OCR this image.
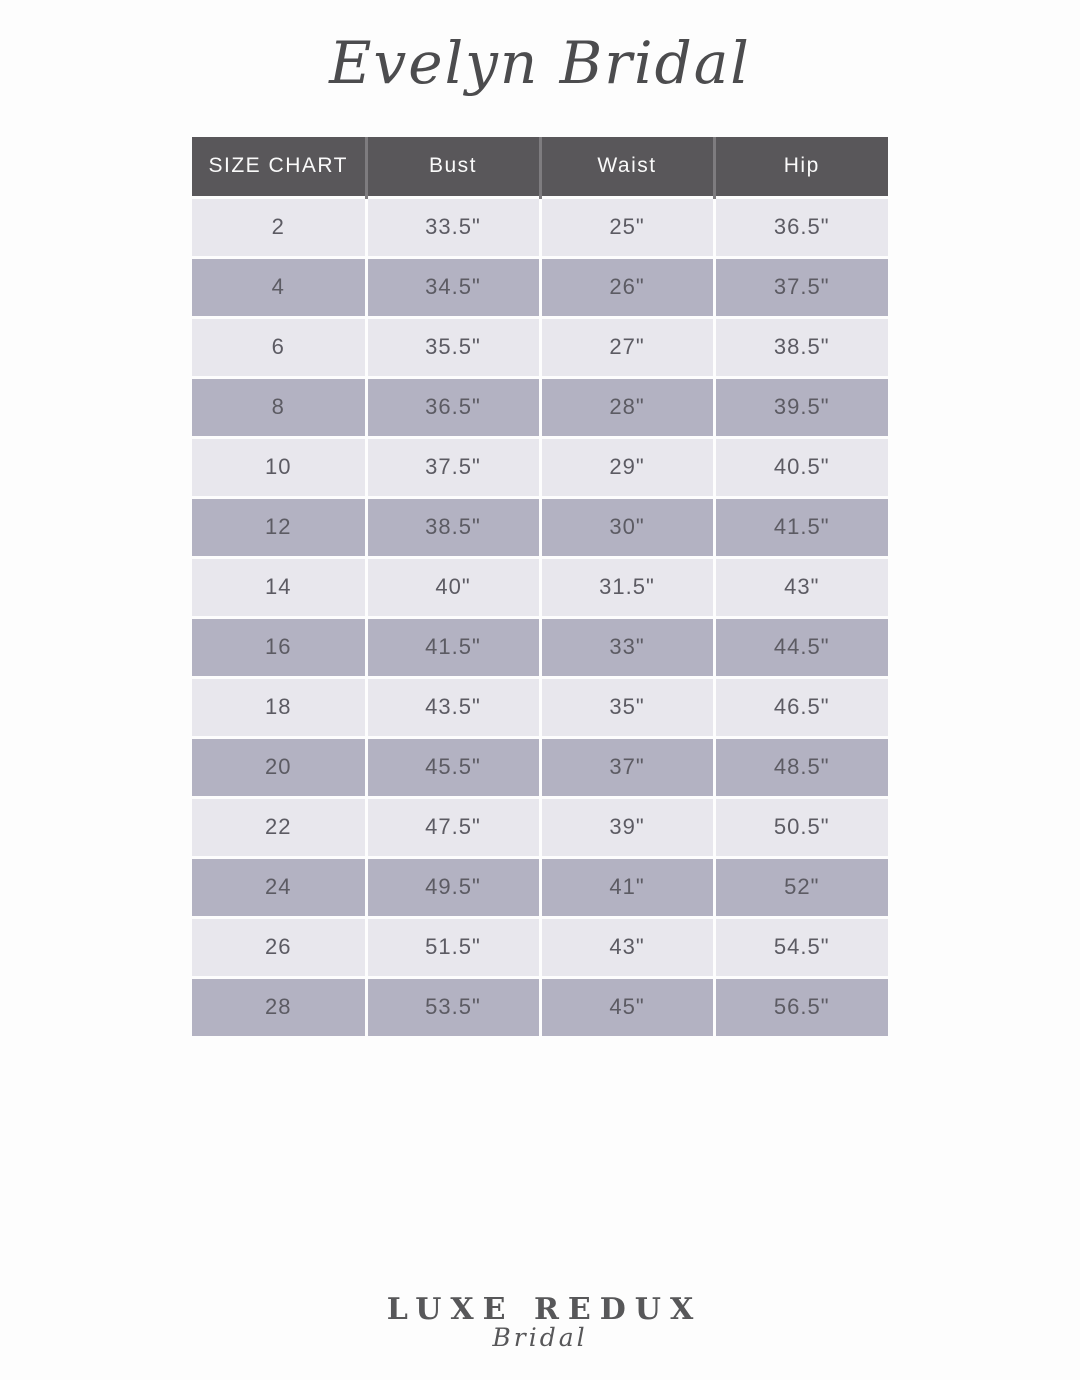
Evelyn Bridal
SIZE CHART	Bust	Waist	Hip
2	33.5"	25"	36.5"
4	34.5"	26"	37.5"
6	35.5"	27"	38.5"
8	36.5"	28"	39.5"
10	37.5"	29"	40.5"
12	38.5"	30"	41.5"
14	40"	31.5"	43"
16	41.5"	33"	44.5"
18	43.5"	35"	46.5"
20	45.5"	37"	48.5"
22	47.5"	39"	50.5"
24	49.5"	41"	52"
26	51.5"	43"	54.5"
28	53.5"	45"	56.5"
LUXE REDUX
Bridal
